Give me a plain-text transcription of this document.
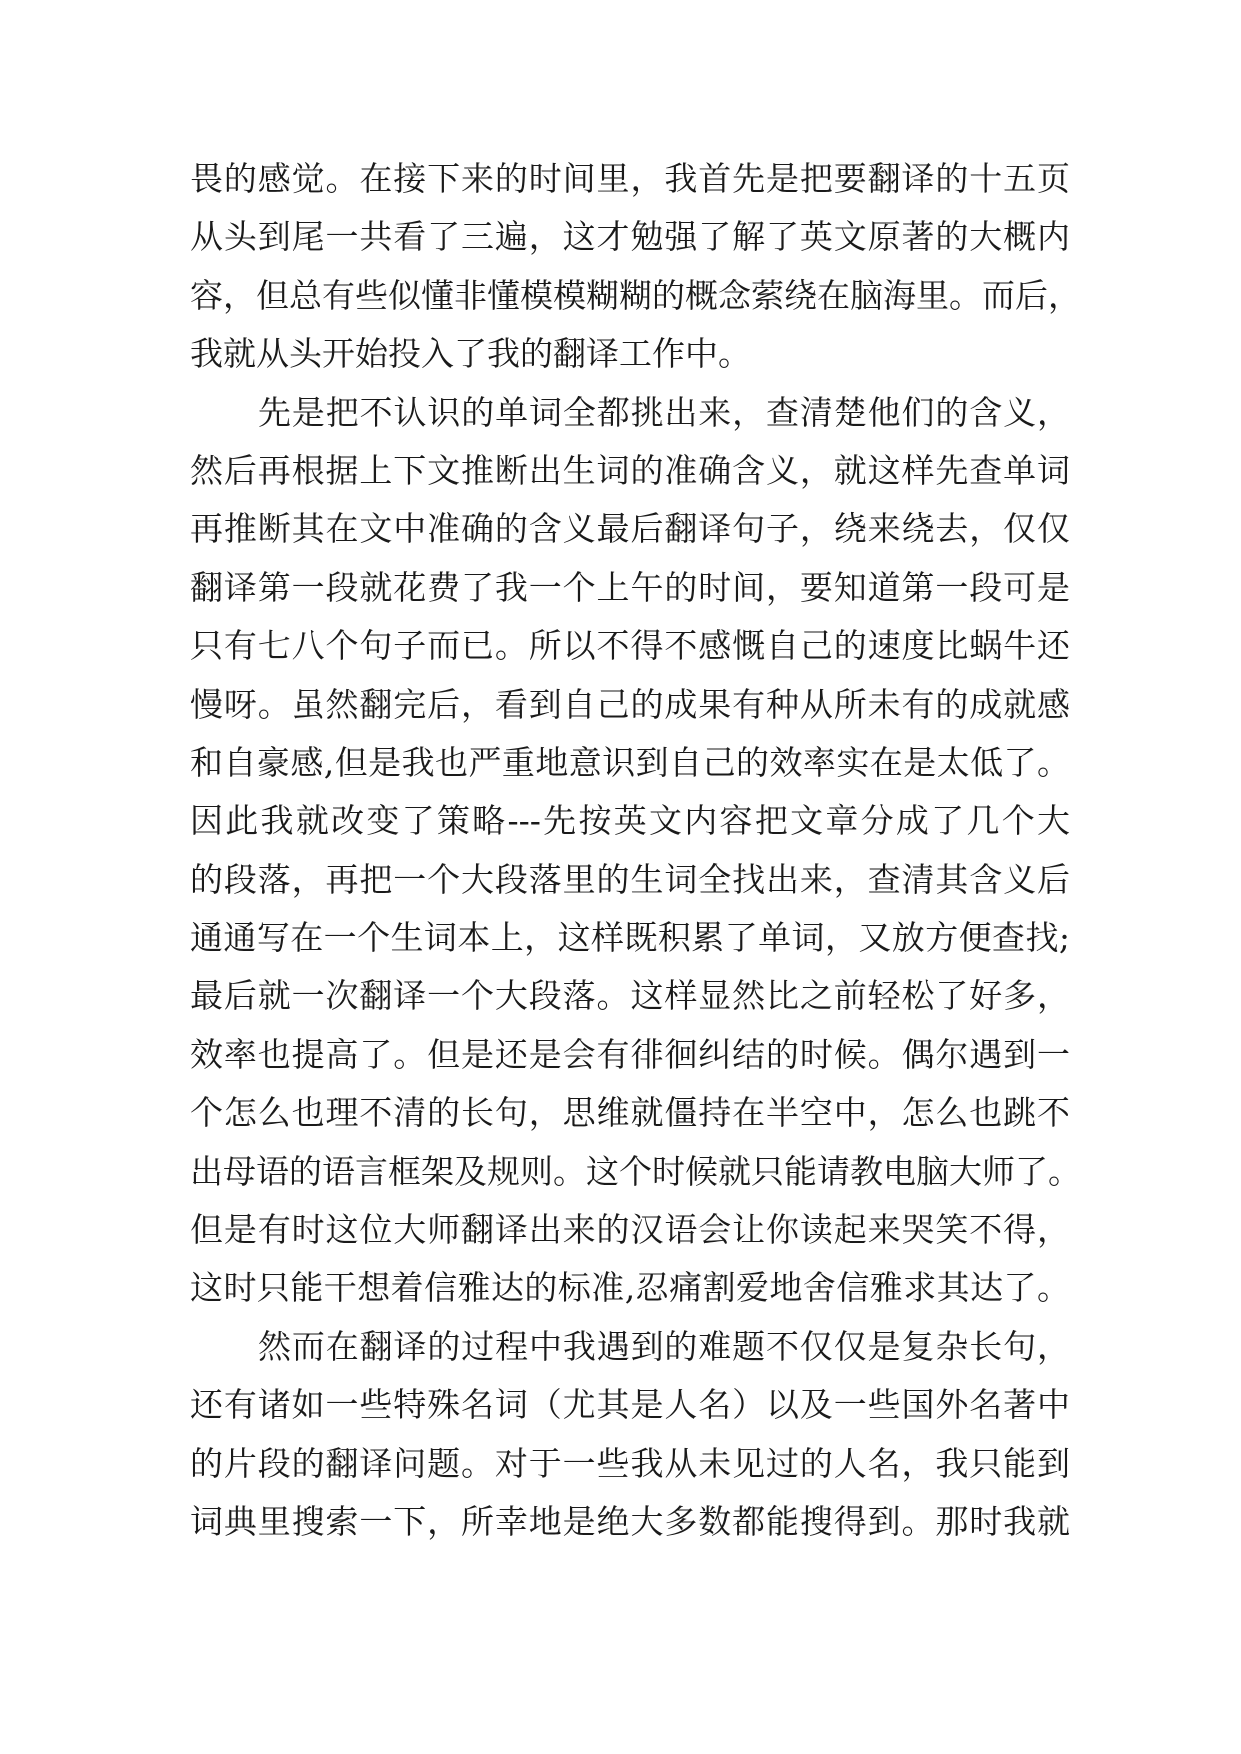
畏的感觉。在接下来的时间里，我首先是把要翻译的十五页
从头到尾一共看了三遍，这才勉强了解了英文原著的大概内
容，但总有些似懂非懂模模糊糊的概念萦绕在脑海里。而后，
我就从头开始投入了我的翻译工作中。
先是把不认识的单词全都挑出来，查清楚他们的含义，
然后再根据上下文推断出生词的准确含义，就这样先查单词
再推断其在文中准确的含义最后翻译句子，绕来绕去，仅仅
翻译第一段就花费了我一个上午的时间，要知道第一段可是
只有七八个句子而已。所以不得不感慨自己的速度比蜗牛还
慢呀。虽然翻完后，看到自己的成果有种从所未有的成就感
和自豪感,但是我也严重地意识到自己的效率实在是太低了。
因此我就改变了策略---先按英文内容把文章分成了几个大
的段落，再把一个大段落里的生词全找出来，查清其含义后
通通写在一个生词本上，这样既积累了单词，又放方便查找;
最后就一次翻译一个大段落。这样显然比之前轻松了好多，
效率也提高了。但是还是会有徘徊纠结的时候。偶尔遇到一
个怎么也理不清的长句，思维就僵持在半空中，怎么也跳不
出母语的语言框架及规则。这个时候就只能请教电脑大师了。
但是有时这位大师翻译出来的汉语会让你读起来哭笑不得，
这时只能干想着信雅达的标准,忍痛割爱地舍信雅求其达了。
然而在翻译的过程中我遇到的难题不仅仅是复杂长句，
还有诸如一些特殊名词（尤其是人名）以及一些国外名著中
的片段的翻译问题。对于一些我从未见过的人名，我只能到
词典里搜索一下，所幸地是绝大多数都能搜得到。那时我就
